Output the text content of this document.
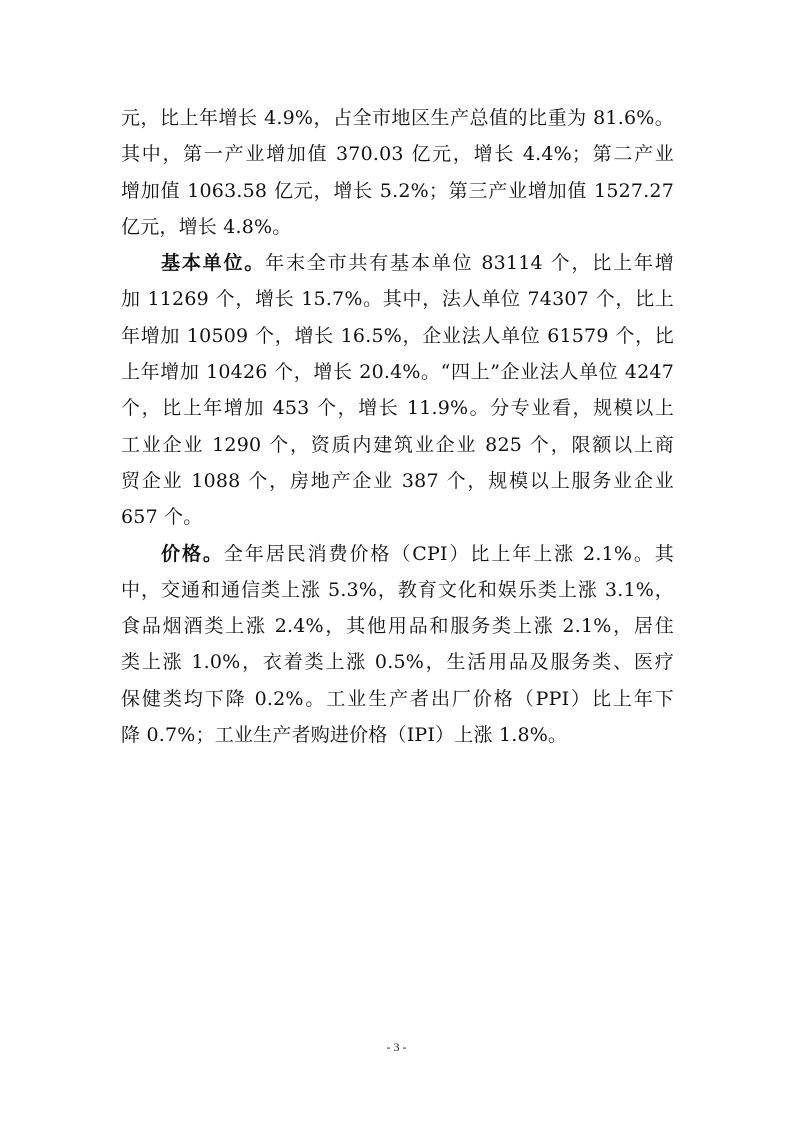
元，比上年增长 4.9%，占全市地区生产总值的比重为 81.6%。
其中，第一产业增加值 370.03 亿元，增长 4.4%；第二产业
增加值 1063.58 亿元，增长 5.2%；第三产业增加值 1527.27
亿元，增长 4.8%。
基本单位。年末全市共有基本单位 83114 个，比上年增
加 11269 个，增长 15.7%。其中，法人单位 74307 个，比上
年增加 10509 个，增长 16.5%，企业法人单位 61579 个，比
上年增加 10426 个，增长 20.4%。“四上”企业法人单位 4247
个，比上年增加 453 个，增长 11.9%。分专业看，规模以上
工业企业 1290 个，资质内建筑业企业 825 个，限额以上商
贸企业 1088 个，房地产企业 387 个，规模以上服务业企业
657 个。
价格。全年居民消费价格（CPI）比上年上涨 2.1%。其
中，交通和通信类上涨 5.3%，教育文化和娱乐类上涨 3.1%，
食品烟酒类上涨 2.4%，其他用品和服务类上涨 2.1%，居住
类上涨 1.0%，衣着类上涨 0.5%，生活用品及服务类、医疗
保健类均下降 0.2%。工业生产者出厂价格（PPI）比上年下
降 0.7%；工业生产者购进价格（IPI）上涨 1.8%。
- 3 -
